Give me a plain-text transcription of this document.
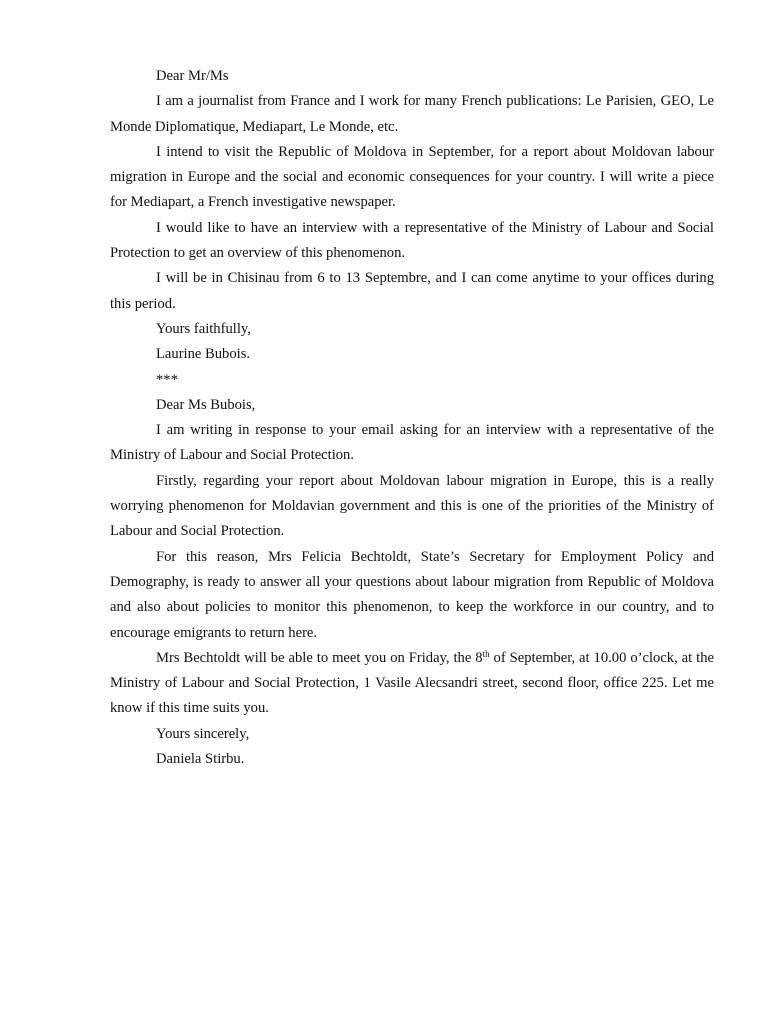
Dear Mr/Ms

I am a journalist from France and I work for many French publications: Le Parisien, GEO, Le Monde Diplomatique, Mediapart, Le Monde, etc.

I intend to visit the Republic of Moldova in September, for a report about Moldovan labour migration in Europe and the social and economic consequences for your country. I will write a piece for Mediapart, a French investigative newspaper.

I would like to have an interview with a representative of the Ministry of Labour and Social Protection to get an overview of this phenomenon.

I will be in Chisinau from 6 to 13 Septembre, and I can come anytime to your offices during this period.

Yours faithfully,

Laurine Bubois.

***

Dear Ms Bubois,

I am writing in response to your email asking for an interview with a representative of the Ministry of Labour and Social Protection.

Firstly, regarding your report about Moldovan labour migration in Europe, this is a really worrying phenomenon for Moldavian government and this is one of the priorities of the Ministry of Labour and Social Protection.

For this reason, Mrs Felicia Bechtoldt, State’s Secretary for Employment Policy and Demography, is ready to answer all your questions about labour migration from Republic of Moldova and also about policies to monitor this phenomenon, to keep the workforce in our country, and to encourage emigrants to return here.

Mrs Bechtoldt will be able to meet you on Friday, the 8th of September, at 10.00 o’clock, at the Ministry of Labour and Social Protection, 1 Vasile Alecsandri street, second floor, office 225. Let me know if this time suits you.

Yours sincerely,

Daniela Stirbu.
